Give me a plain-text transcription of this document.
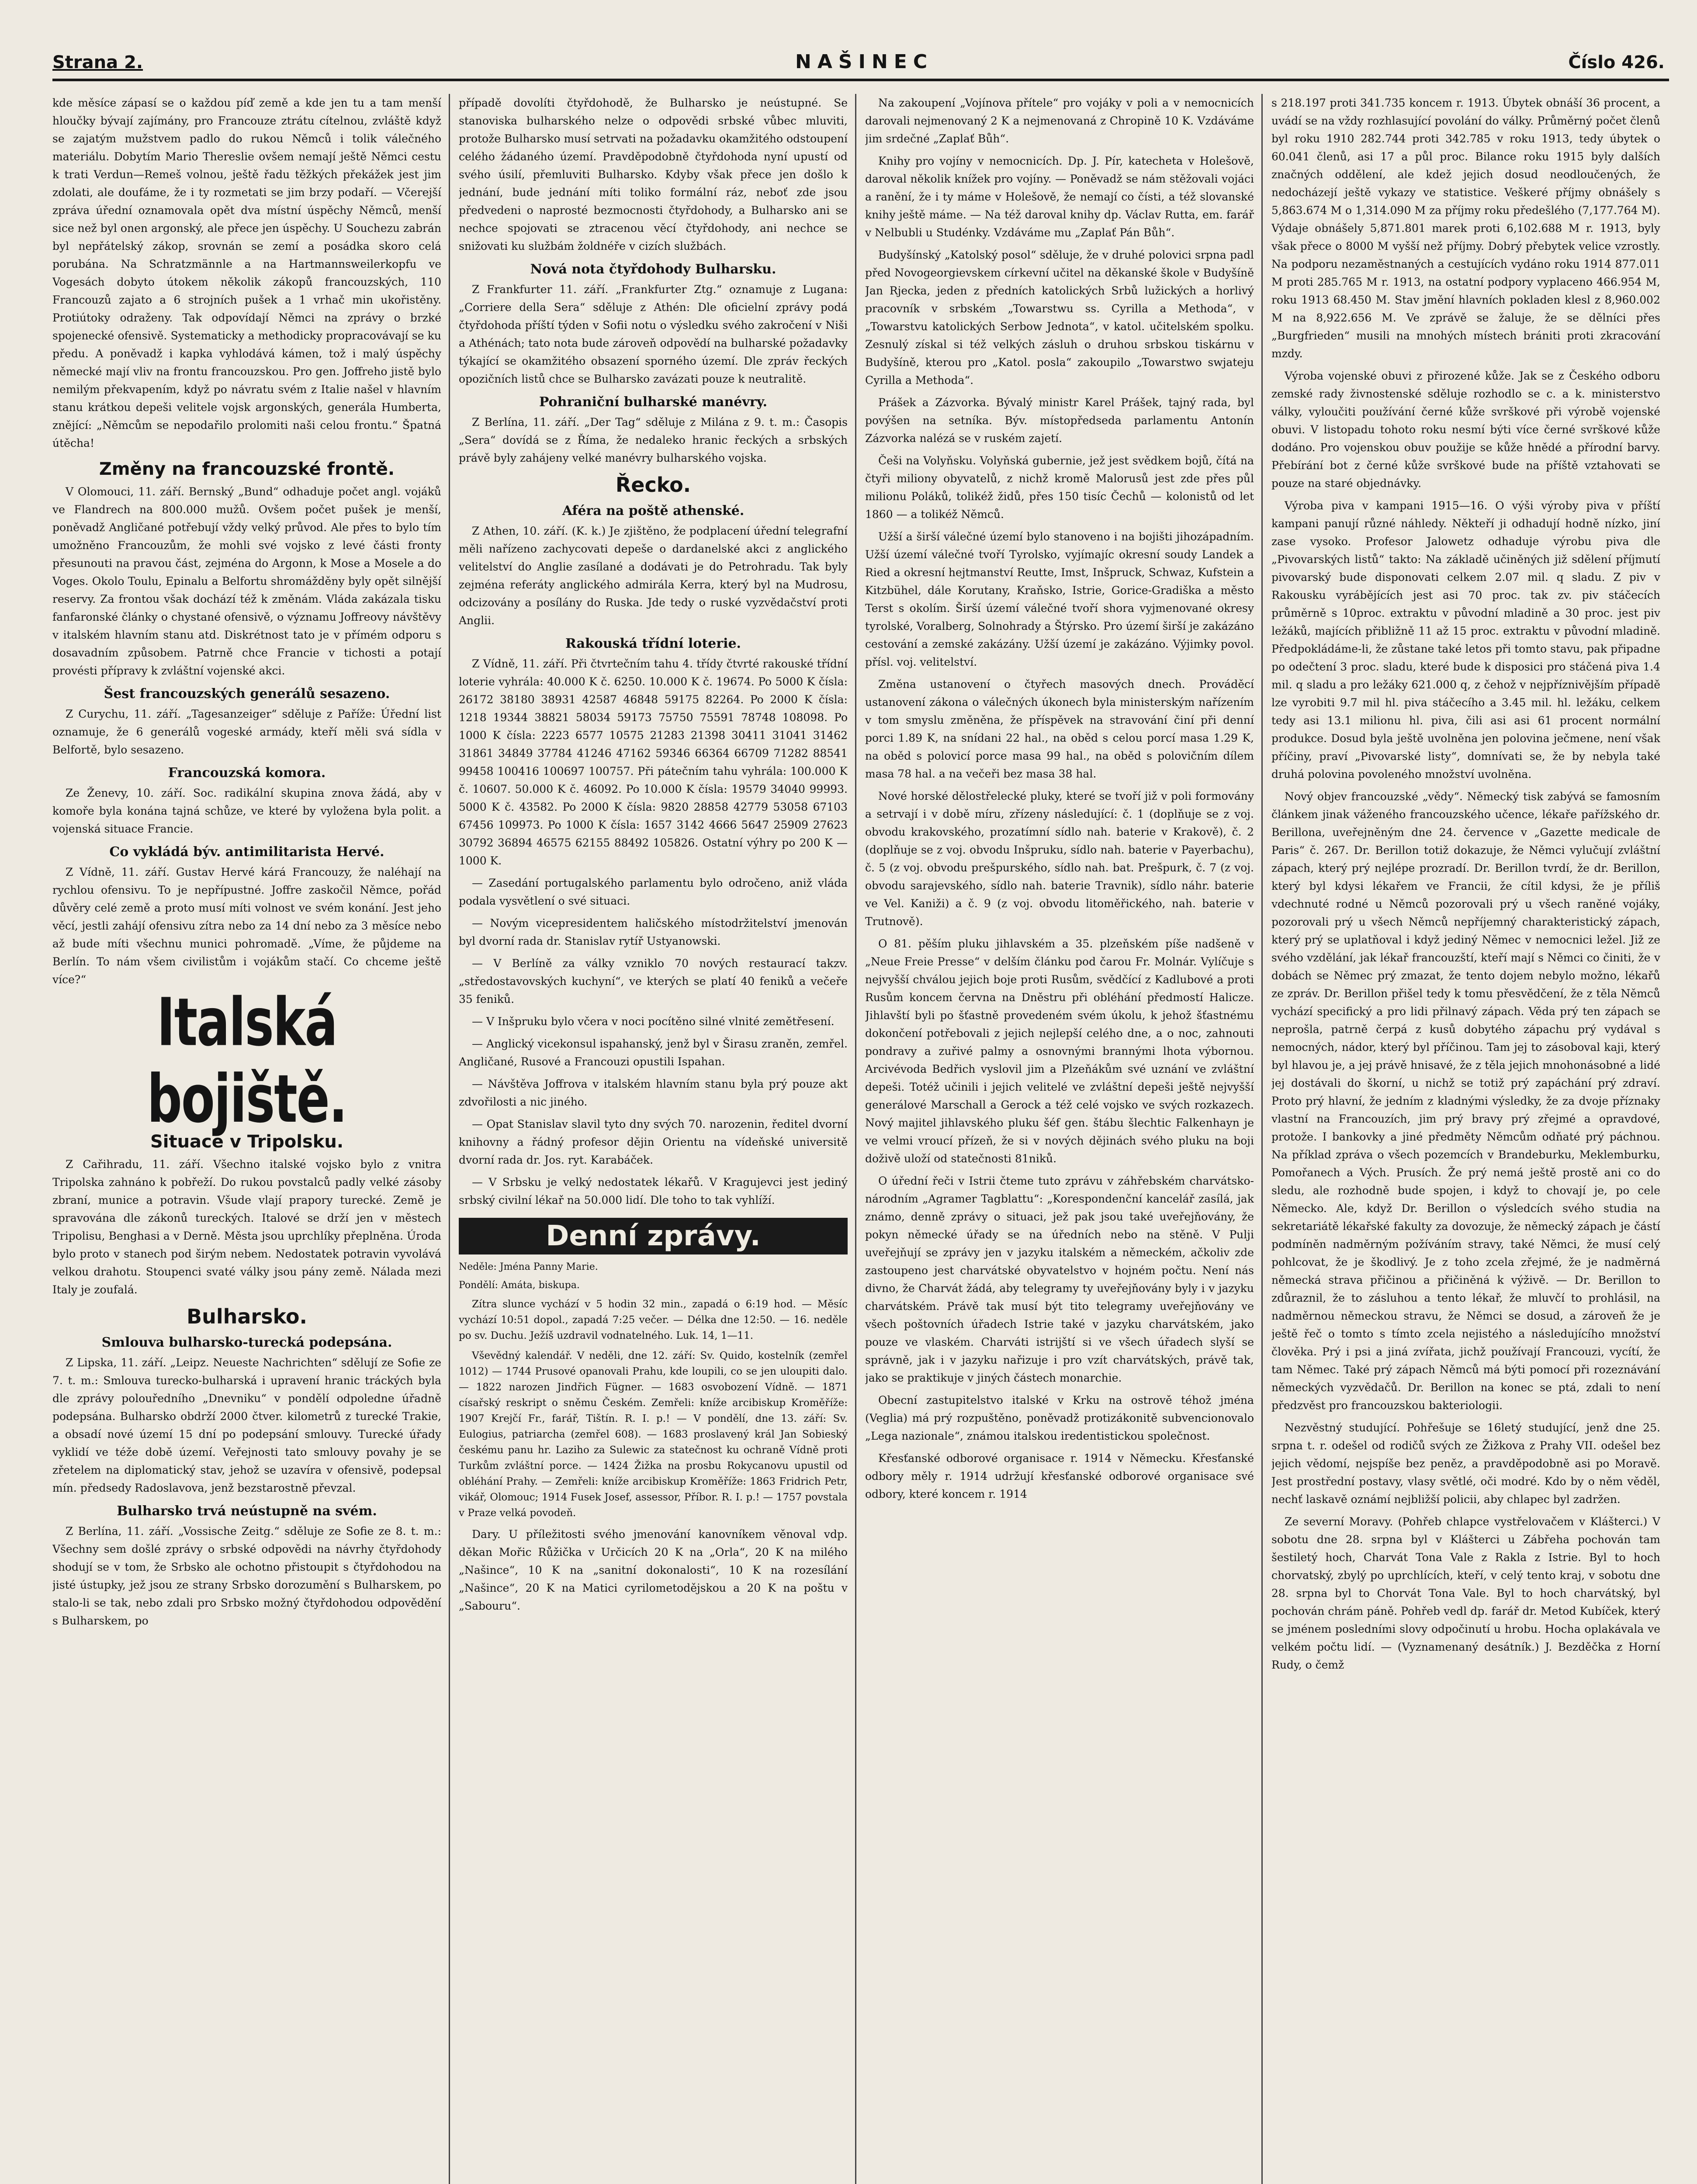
Strana 2.	NAŠINEC	Číslo 426.

kde měsíce zápasí se o každou píď země a kde jen tu a tam menší hloučky bývají zajímány, pro Francouze ztrátu cítelnou, zvláště když se zajatým mužstvem padlo do rukou Němců i tolik válečného materiálu. Dobytím Mario Thereslie ovšem nemají ještě Němci cestu k trati Verdun—Remeš volnou, ještě řadu těžkých překážek jest jim zdolati, ale doufáme, že i ty rozmetati se jim brzy podaří. — Včerejší zpráva úřední oznamovala opět dva místní úspěchy Němců, menší sice než byl onen argonský, ale přece jen úspěchy. U Souchezu zabrán byl nepřátelský zákop, srovnán se zemí a posádka skoro celá porubána. Na Schratzmännle a na Hartmannsweilerkopfu ve Vogesách dobyto útokem několik zákopů francouzských, 110 Francouzů zajato a 6 strojních pušek a 1 vrhač min ukořistěny. Protiútoky odraženy. Tak odpovídají Němci na zprávy o brzké spojenecké ofensivě. Systematicky a methodicky propracovávají se ku předu. A poněvadž i kapka vyhlodává kámen, tož i malý úspěchy německé mají vliv na frontu francouzskou. Pro gen. Joffreho jistě bylo nemilým překvapením, když po návratu svém z Italie našel v hlavním stanu krátkou depeši velitele vojsk argonských, generála Humberta, znějící: „Němcům se nepodařilo prolomiti naši celou frontu.“ Špatná útěcha!

Změny na francouzské frontě.

V Olomouci, 11. září. Bernský „Bund“ odhaduje počet angl. vojáků ve Flandrech na 800.000 mužů. Ovšem počet pušek je menší, poněvadž Angličané potřebují vždy velký průvod. Ale přes to bylo tím umožněno Francouzům, že mohli své vojsko z levé části fronty přesunouti na pravou část, zejména do Argonn, k Mose a Mosele a do Voges. Okolo Toulu, Epinalu a Belfortu shromážděny byly opět silnější reservy. Za frontou však dochází též k změnám. Vláda zakázala tisku fanfaronské články o chystané ofensivě, o významu Joffreovy návštěvy v italském hlavním stanu atd. Diskrétnost tato je v přímém odporu s dosavadním způsobem. Patrně chce Francie v tichosti a potají provésti přípravy k zvláštní vojenské akci.

Šest francouzských generálů sesazeno.

Z Curychu, 11. září. „Tagesanzeiger“ sděluje z Paříže: Úřední list oznamuje, že 6 generálů vogeské armády, kteří měli svá sídla v Belfortě, bylo sesazeno.

Francouzská komora.

Ze Ženevy, 10. září. Soc. radikální skupina znova žádá, aby v komoře byla konána tajná schůze, ve které by vyložena byla polit. a vojenská situace Francie.

Co vykládá býv. antimilitarista Hervé.

Z Vídně, 11. září. Gustav Hervé kárá Francouzy, že naléhají na rychlou ofensivu. To je nepřípustné. Joffre zaskočil Němce, pořád důvěry celé země a proto musí míti volnost ve svém konání. Jest jeho věcí, jestli zahájí ofensivu zítra nebo za 14 dní nebo za 3 měsíce nebo až bude míti všechnu munici pohromadě. „Víme, že půjdeme na Berlín. To nám všem civilistům i vojákům stačí. Co chceme ještě více?“

Italská bojiště.
Situace v Tripolsku.

Z Cařihradu, 11. září. Všechno italské vojsko bylo z vnitra Tripolska zahnáno k pobřeží. Do rukou povstalců padly velké zásoby zbraní, munice a potravin. Všude vlají prapory turecké. Země je spravována dle zákonů tureckých. Italové se drží jen v městech Tripolisu, Benghasi a v Derně. Města jsou uprchlíky přeplněna. Úroda bylo proto v stanech pod širým nebem. Nedostatek potravin vyvolává velkou drahotu. Stoupenci svaté války jsou pány země. Nálada mezi Italy je zoufalá.

Bulharsko.
Smlouva bulharsko-turecká podepsána.

Z Lipska, 11. září. „Leipz. Neueste Nachrichten“ sdělují ze Sofie ze 7. t. m.: Smlouva turecko-bulharská i upravení hranic tráckých byla dle zprávy polouředního „Dnevniku“ v pondělí odpoledne úřadně podepsána. Bulharsko obdrží 2000 čtver. kilometrů z turecké Trakie, a obsadí nové území 15 dní po podepsání smlouvy. Turecké úřady vyklidí ve téže době území. Veřejnosti tato smlouvy povahy je se zřetelem na diplomatický stav, jehož se uzavíra v ofensivě, podepsal mín. předsedy Radoslavova, jenž bezstarostně převzal.

Bulharsko trvá neústupně na svém.

Z Berlína, 11. září. „Vossische Zeitg.“ sděluje ze Sofie ze 8. t. m.: Všechny sem došlé zprávy o srbské odpovědi na návrhy čtyřdohody shodují se v tom, že Srbsko ale ochotno přistoupit s čtyřdohodou na jisté ústupky, jež jsou ze strany Srbsko dorozumění s Bulharskem, po stalo-li se tak, nebo zdali pro Srbsko možný čtyřdohodou odpovědění s Bulharskem, po

případě dovolíti čtyřdohodě, že Bulharsko je neústupné. Se stanoviska bulharského nelze o odpovědi srbské vůbec mluviti, protože Bulharsko musí setrvati na požadavku okamžitého odstoupení celého žádaného území. Pravděpodobně čtyřdohoda nyní upustí od svého úsilí, přemluviti Bulharsko. Kdyby však přece jen došlo k jednání, bude jednání míti toliko formální ráz, neboť zde jsou předvedeni o naprosté bezmocnosti čtyřdohody, a Bulharsko ani se nechce spojovati se ztracenou věcí čtyřdohody, ani nechce se snižovati ku službám žoldnéře v cizích službách.

Nová nota čtyřdohody Bulharsku.

Z Frankfurter 11. září. „Frankfurter Ztg.“ oznamuje z Lugana: „Corriere della Sera“ sděluje z Athén: Dle oficielní zprávy podá čtyřdohoda příští týden v Sofii notu o výsledku svého zakročení v Niši a Athénách; tato nota bude zároveň odpovědí na bulharské požadavky týkající se okamžitého obsazení sporného území. Dle zpráv řeckých opozičních listů chce se Bulharsko zavázati pouze k neutralitě.

Pohraniční bulharské manévry.

Z Berlína, 11. září. „Der Tag“ sděluje z Milána z 9. t. m.: Časopis „Sera“ dovídá se z Říma, že nedaleko hranic řeckých a srbských právě byly zahájeny velké manévry bulharského vojska.

Řecko.
Aféra na poště athenské.

Z Athen, 10. září. (K. k.) Je zjištěno, že podplacení úřední telegrafní měli nařízeno zachycovati depeše o dardanelské akci z anglického velitelství do Anglie zasílané a dodávati je do Petrohradu. Tak byly zejména referáty anglického admirála Kerra, který byl na Mudrosu, odcizovány a posílány do Ruska. Jde tedy o ruské vyzvědačství proti Anglii.

Rakouská třídní loterie.

Z Vídně, 11. září. Při čtvrtečním tahu 4. třídy čtvrté rakouské třídní loterie vyhrála: 40.000 K č. 6250. 10.000 K č. 19674. Po 5000 K čísla: 26172 38180 38931 42587 46848 59175 82264. Po 2000 K čísla: 1218 19344 38821 58034 59173 75750 75591 78748 108098. Po 1000 K čísla: 2223 6577 10575 21283 21398 30411 31041 31462 31861 34849 37784 41246 47162 59346 66364 66709 71282 88541 99458 100416 100697 100757. Při pátečním tahu vyhrála: 100.000 K č. 10607. 50.000 K č. 46092. Po 10.000 K čísla: 19579 34040 99993. 5000 K č. 43582. Po 2000 K čísla: 9820 28858 42779 53058 67103 67456 109973. Po 1000 K čísla: 1657 3142 4666 5647 25909 27623 30792 36894 46575 62155 88492 105826. Ostatní výhry po 200 K — 1000 K.

— Zasedání portugalského parlamentu bylo odročeno, aniž vláda podala vysvětlení o své situaci.

— Novým vicepresidentem haličského místodržitelství jmenován byl dvorní rada dr. Stanislav rytíř Ustyanowski.

— V Berlíně za války vzniklo 70 nových restaurací takzv. „středostavovských kuchyní“, ve kterých se platí 40 feniků a večeře 35 feniků.

— V Inšpruku bylo včera v noci pocítěno silné vlnité zemětřesení.

— Anglický vicekonsul ispahanský, jenž byl v Širasu zraněn, zemřel. Angličané, Rusové a Francouzi opustili Ispahan.

— Návštěva Joffrova v italském hlavním stanu byla prý pouze akt zdvořilosti a nic jiného.

— Opat Stanislav slavil tyto dny svých 70. narozenin, ředitel dvorní knihovny a řádný profesor dějin Orientu na vídeňské universitě dvorní rada dr. Jos. ryt. Karabáček.

— V Srbsku je velký nedostatek lékařů. V Kragujevci jest jediný srbský civilní lékař na 50.000 lidí. Dle toho to tak vyhlíží.

Denní zprávy.

Neděle: Jména Panny Marie.

Pondělí: Amáta, biskupa.

Zítra slunce vychází v 5 hodin 32 min., zapadá o 6:19 hod. — Měsíc vychází 10:51 dopol., zapadá 7:25 večer. — Délka dne 12:50. — 16. neděle po sv. Duchu. Ježíš uzdravil vodnatelného. Luk. 14, 1—11.

Vševědný kalendář. V neděli, dne 12. září: Sv. Quido, kostelník (zemřel 1012) — 1744 Prusové opanovali Prahu, kde loupili, co se jen uloupiti dalo. — 1822 narozen Jindřich Fügner. — 1683 osvobození Vídně. — 1871 císařský reskript o sněmu Českém. Zemřeli: kníže arcibiskup Kroměříže: 1907 Krejčí Fr., farář, Tištín. R. I. p.! — V pondělí, dne 13. září: Sv. Eulogius, patriarcha (zemřel 608). — 1683 proslavený král Jan Sobieský českému panu hr. Laziho za Sulewic za statečnost ku ochraně Vídně proti Turkům zvláštní porce. — 1424 Žižka na prosbu Rokycanovu upustil od obléhání Prahy. — Zemřeli: kníže arcibiskup Kroměříže: 1863 Fridrich Petr, vikář, Olomouc; 1914 Fusek Josef, assessor, Příbor. R. I. p.! — 1757 povstala v Praze velká povodeň.

Dary. U příležitosti svého jmenování kanovníkem věnoval vdp. děkan Mořic Růžička v Určicích 20 K na „Orla“, 20 K na milého „Našince“, 10 K na „sanitní dokonalosti“, 10 K na rozesílání „Našince“, 20 K na Matici cyrilometodějskou a 20 K na poštu v „Sabouru“.

Na zakoupení „Vojínova přítele“ pro vojáky v poli a v nemocnicích darovali nejmenovaný 2 K a nejmenovaná z Chropině 10 K. Vzdáváme jim srdečné „Zaplať Bůh“.

Knihy pro vojíny v nemocnicích. Dp. J. Pír, katecheta v Holešově, daroval několik knížek pro vojíny. — Poněvadž se nám stěžovali vojáci a ranění, že i ty máme v Holešově, že nemají co čísti, a též slovanské knihy ještě máme. — Na též daroval knihy dp. Václav Rutta, em. farář v Nelbubli u Studénky. Vzdáváme mu „Zaplať Pán Bůh“.

Budyšínský „Katolský posol“ sděluje, že v druhé polovici srpna padl před Novogeorgievskem církevní učitel na děkanské škole v Budyšíně Jan Rjecka, jeden z předních katolických Srbů lužických a horlivý pracovník v srbském „Towarstwu ss. Cyrilla a Methoda“, v „Towarstvu katolických Serbow Jednota“, v katol. učitelském spolku. Zesnulý získal si též velkých zásluh o druhou srbskou tiskárnu v Budyšíně, kterou pro „Katol. posla“ zakoupilo „Towarstwo swjateju Cyrilla a Methoda“.

Prášek a Zázvorka. Bývalý ministr Karel Prášek, tajný rada, byl povýšen na setníka. Býv. místopředseda parlamentu Antonín Zázvorka nalézá se v ruském zajetí.

Češi na Volyňsku. Volyňská gubernie, jež jest svědkem bojů, čítá na čtyři miliony obyvatelů, z nichž kromě Malorusů jest zde přes půl milionu Poláků, tolikéž židů, přes 150 tisíc Čechů — kolonistů od let 1860 — a tolikéž Němců.

Užší a širší válečné území bylo stanoveno i na bojišti jihozápadním. Užší území válečné tvoří Tyrolsko, vyjímajíc okresní soudy Landek a Ried a okresní hejtmanství Reutte, Imst, Inšpruck, Schwaz, Kufstein a Kitzbühel, dále Korutany, Kraňsko, Istrie, Gorice-Gradiška a město Terst s okolím. Širší území válečné tvoří shora vyjmenované okresy tyrolské, Voralberg, Solnohrady a Štýrsko. Pro území širší je zakázáno cestování a zemské zakázány. Užší území je zakázáno. Výjimky povol. přísl. voj. velitelství.

Změna ustanovení o čtyřech masových dnech. Prováděcí ustanovení zákona o válečných úkonech byla ministerským nařízením v tom smyslu změněna, že příspěvek na stravování činí při denní porci 1.89 K, na snídani 22 hal., na oběd s celou porcí masa 1.29 K, na oběd s polovicí porce masa 99 hal., na oběd s polovičním dílem masa 78 hal. a na večeři bez masa 38 hal.

Nové horské dělostřelecké pluky, které se tvoří již v poli formovány a setrvají i v době míru, zřízeny následující: č. 1 (doplňuje se z voj. obvodu krakovského, prozatímní sídlo nah. baterie v Krakově), č. 2 (doplňuje se z voj. obvodu Inšpruku, sídlo nah. baterie v Payerbachu), č. 5 (z voj. obvodu prešpurského, sídlo nah. bat. Prešpurk, č. 7 (z voj. obvodu sarajevského, sídlo nah. baterie Travnik), sídlo náhr. baterie ve Vel. Kaniži) a č. 9 (z voj. obvodu litoměřického, nah. baterie v Trutnově).

O 81. pěším pluku jihlavském a 35. plzeňském píše nadšeně v „Neue Freie Presse“ v delším článku pod čarou Fr. Molnár. Vylíčuje s nejvyšší chválou jejich boje proti Rusům, svědčící z Kadlubové a proti Rusům koncem června na Dněstru při obléhání předmostí Halicze. Jihlavští byli po šťastně provedeném svém úkolu, k jehož šťastnému dokončení potřebovali z jejich nejlepší celého dne, a o noc, zahnouti pondravy a zuřivé palmy a osnovnými brannými lhota výbornou. Arcivévoda Bedřich vyslovil jim a Plzeňákům své uznání ve zvláštní depeši. Totéž učinili i jejich velitelé ve zvláštní depeši ještě nejvyšší generálové Marschall a Gerock a též celé vojsko ve svých rozkazech. Nový majitel jihlavského pluku šéf gen. štábu šlechtic Falkenhayn je ve velmi vroucí přízeň, že si v nových dějinách svého pluku na boji doživě uloží od statečnosti 81niků.

O úřední řeči v Istrii čteme tuto zprávu v záhřebském charvátsko-národním „Agramer Tagblattu“: „Korespondenční kancelář zasílá, jak známo, denně zprávy o situaci, jež pak jsou také uveřejňovány, že pokyn německé úřady se na úředních nebo na stěně. V Pulji uveřejňují se zprávy jen v jazyku italském a německém, ačkoliv zde zastoupeno jest charvátské obyvatelstvo v hojném počtu. Není nás divno, že Charvát žádá, aby telegramy ty uveřejňovány byly i v jazyku charvátském. Právě tak musí být tito telegramy uveřejňovány ve všech poštovních úřadech Istrie také v jazyku charvátském, jako pouze ve vlaském. Charváti istrijští si ve všech úřadech slyší se správně, jak i v jazyku nařizuje i pro vzít charvátských, právě tak, jako se praktikuje v jiných částech monarchie.

Obecní zastupitelstvo italské v Krku na ostrově téhož jména (Veglia) má prý rozpuštěno, poněvadž protizákonitě subvencionovalo „Lega nazionale“, známou italskou iredentistickou společnost.

Křesťanské odborové organisace r. 1914 v Německu. Křesťanské odbory měly r. 1914 udržují křesťanské odborové organisace své odbory, které koncem r. 1914

s 218.197 proti 341.735 koncem r. 1913. Úbytek obnáší 36 procent, a uvádí se na vždy rozhlasující povolání do války. Průměrný počet členů byl roku 1910 282.744 proti 342.785 v roku 1913, tedy úbytek o 60.041 členů, asi 17 a půl proc. Bilance roku 1915 byly dalších značných oddělení, ale kdež jejich dosud neodloučených, že nedocházejí ještě vykazy ve statistice. Veškeré příjmy obnášely s 5,863.674 M o 1,314.090 M za příjmy roku předešlého (7,177.764 M). Výdaje obnášely 5,871.801 marek proti 6,102.688 M r. 1913, byly však přece o 8000 M vyšší než příjmy. Dobrý přebytek velice vzrostly. Na podporu nezaměstnaných a cestujících vydáno roku 1914 877.011 M proti 285.765 M r. 1913, na ostatní podpory vyplaceno 466.954 M, roku 1913 68.450 M. Stav jmění hlavních pokladen klesl z 8,960.002 M na 8,922.656 M. Ve zprávě se žaluje, že se dělníci přes „Burgfrieden“ musili na mnohých místech brániti proti zkracování mzdy.

Výroba vojenské obuvi z přirozené kůže. Jak se z Českého odboru zemské rady živnostenské sděluje rozhodlo se c. a k. ministerstvo války, vyloučiti používání černé kůže svrškové při výrobě vojenské obuvi. V listopadu tohoto roku nesmí býti více černé svrškové kůže dodáno. Pro vojenskou obuv použije se kůže hnědé a přírodní barvy. Přebírání bot z černé kůže svrškové bude na příště vztahovati se pouze na staré objednávky.

Výroba piva v kampani 1915—16. O výši výroby piva v příští kampani panují různé náhledy. Někteří ji odhadují hodně nízko, jiní zase vysoko. Profesor Jalowetz odhaduje výrobu piva dle „Pivovarských listů“ takto: Na základě učiněných již sdělení příjmutí pivovarský bude disponovati celkem 2.07 mil. q sladu. Z piv v Rakousku vyrábějících jest asi 70 proc. tak zv. piv stáčecích průměrně s 10proc. extraktu v původní mladině a 30 proc. jest piv ležáků, majících přibližně 11 až 15 proc. extraktu v původní mladině. Předpokládáme-li, že zůstane také letos při tomto stavu, pak připadne po odečtení 3 proc. sladu, které bude k disposici pro stáčená piva 1.4 mil. q sladu a pro ležáky 621.000 q, z čehož v nejpříznivějším případě lze vyrobiti 9.7 mil hl. piva stáčecího a 3.45 mil. hl. ležáku, celkem tedy asi 13.1 milionu hl. piva, čili asi asi 61 procent normální produkce. Dosud byla ještě uvolněna jen polovina ječmene, není však příčiny, praví „Pivovarské listy“, domnívati se, že by nebyla také druhá polovina povoleného množství uvolněna.

Nový objev francouzské „vědy“. Německý tisk zabývá se famosním článkem jinak váženého francouzského učence, lékaře pařížského dr. Berillona, uveřejněným dne 24. července v „Gazette medicale de Paris“ č. 267. Dr. Berillon totiž dokazuje, že Němci vylučují zvláštní zápach, který prý nejlépe prozradí. Dr. Berillon tvrdí, že dr. Berillon, který byl kdysi lékařem ve Francii, že cítil kdysi, že je příliš vdechnuté rodné u Němců pozorovali prý u všech raněné vojáky, pozorovali prý u všech Němců nepříjemný charakteristický zápach, který prý se uplatňoval i když jediný Němec v nemocnici ležel. Již ze svého vzdělání, jak lékař francouzští, kteří mají s Němci co činiti, že v dobách se Němec prý zmazat, že tento dojem nebylo možno, lékařů ze zpráv. Dr. Berillon přišel tedy k tomu přesvědčení, že z těla Němců vychází specifický a pro lidi přilnavý zápach. Věda prý ten zápach se neprošla, patrně čerpá z kusů dobytého zápachu prý vydával s nemocných, nádor, který byl příčinou. Tam jej to zásoboval kaji, který byl hlavou je, a jej právě hnisavé, že z těla jejich mnohonásobné a lidé jej dostávali do škorní, u nichž se totiž prý zapáchání prý zdraví. Proto prý hlavní, že jedním z kladnými výsledky, že za dvoje příznaky vlastní na Francouzích, jim prý bravy prý zřejmé a opravdové, protože. I bankovky a jiné předměty Němcům odňaté prý páchnou. Na příklad zpráva o všech pozemcích v Brandeburku, Meklemburku, Pomořanech a Vých. Prusích. Že prý nemá ještě prostě ani co do sledu, ale rozhodně bude spojen, i když to chovají je, po cele Německo. Ale, když Dr. Berillon o výsledcích svého studia na sekretariátě lékařské fakulty za dovozuje, že německý zápach je částí podmíněn nadměrným požíváním stravy, také Němci, že musí celý pohlcovat, že je škodlivý. Je z toho zcela zřejmé, že je nadměrná německá strava přičinou a přičiněná k výživě. — Dr. Berillon to zdůraznil, že to zásluhou a tento lékař, že mluvčí to prohlásil, na nadměrnou německou stravu, že Němci se dosud, a zároveň že je ještě řeč o tomto s tímto zcela nejistého a následujícího množství člověka. Prý i psi a jiná zvířata, jichž používají Francouzi, vycítí, že tam Němec. Také prý zápach Němců má býti pomocí při rozeznávání německých vyzvědačů. Dr. Berillon na konec se ptá, zdali to není předzvěst pro francouzskou bakteriologii.

Nezvěstný studující. Pohřešuje se 16letý studující, jenž dne 25. srpna t. r. odešel od rodičů svých ze Žižkova z Prahy VII. odešel bez jejich vědomí, nejspíše bez peněz, a pravděpodobně asi po Moravě. Jest prostřední postavy, vlasy světlé, oči modré. Kdo by o něm věděl, nechť laskavě oznámí nejbližší policii, aby chlapec byl zadržen.

Ze severní Moravy. (Pohřeb chlapce vystřelovačem v Klášterci.) V sobotu dne 28. srpna byl v Klášterci u Zábřeha pochován tam šestiletý hoch, Charvát Tona Vale z Rakla z Istrie. Byl to hoch chorvatský, zbylý po uprchlících, kteří, v celý tento kraj, v sobotu dne 28. srpna byl to Chorvát Tona Vale. Byl to hoch charvátský, byl pochován chrám páně. Pohřeb vedl dp. farář dr. Metod Kubíček, který se jménem posledními slovy odpočinutí u hrobu. Hocha oplakávala ve velkém počtu lidí. — (Vyznamenaný desátník.) J. Bezděčka z Horní Rudy, o čemž
